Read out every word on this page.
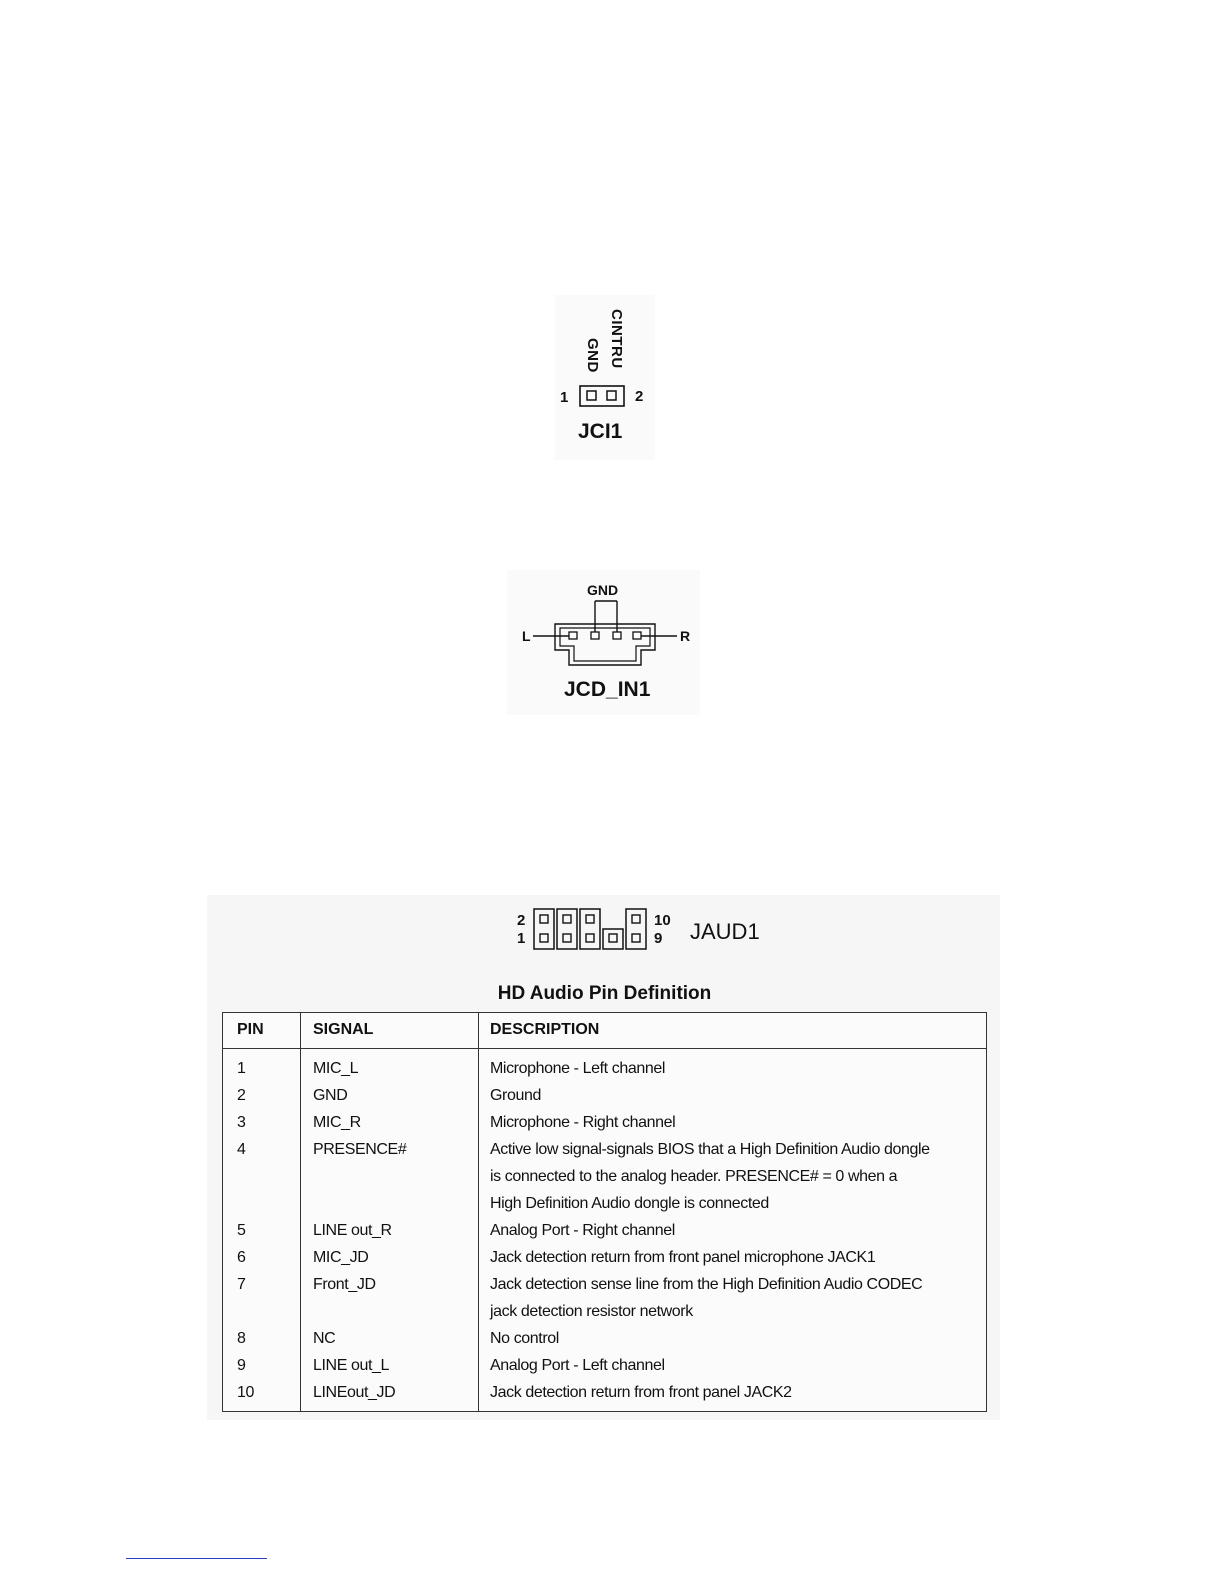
GND CINTRU
1	2
JCI1
GND
L	R
JCD_IN1
2
1
10
9 JAUD1
HD Audio Pin Definition
PIN	SIGNAL	DESCRIPTION
1	MIC_L	Microphone - Left channel
2	GND	Ground
3	MIC_R	Microphone - Right channel
4	PRESENCE#	Active low signal-signals BIOS that a High Definition Audio dongle
is connected to the analog header. PRESENCE# = 0 when a
High Definition Audio dongle is connected
5	LINE out_R	Analog Port - Right channel
6	MIC_JD	Jack detection return from front panel microphone JACK1
7	Front_JD	Jack detection sense line from the High Definition Audio CODEC
jack detection resistor network
8	NC	No control
9	LINE out_L	Analog Port - Left channel
10	LINEout_JD	Jack detection return from front panel JACK2
